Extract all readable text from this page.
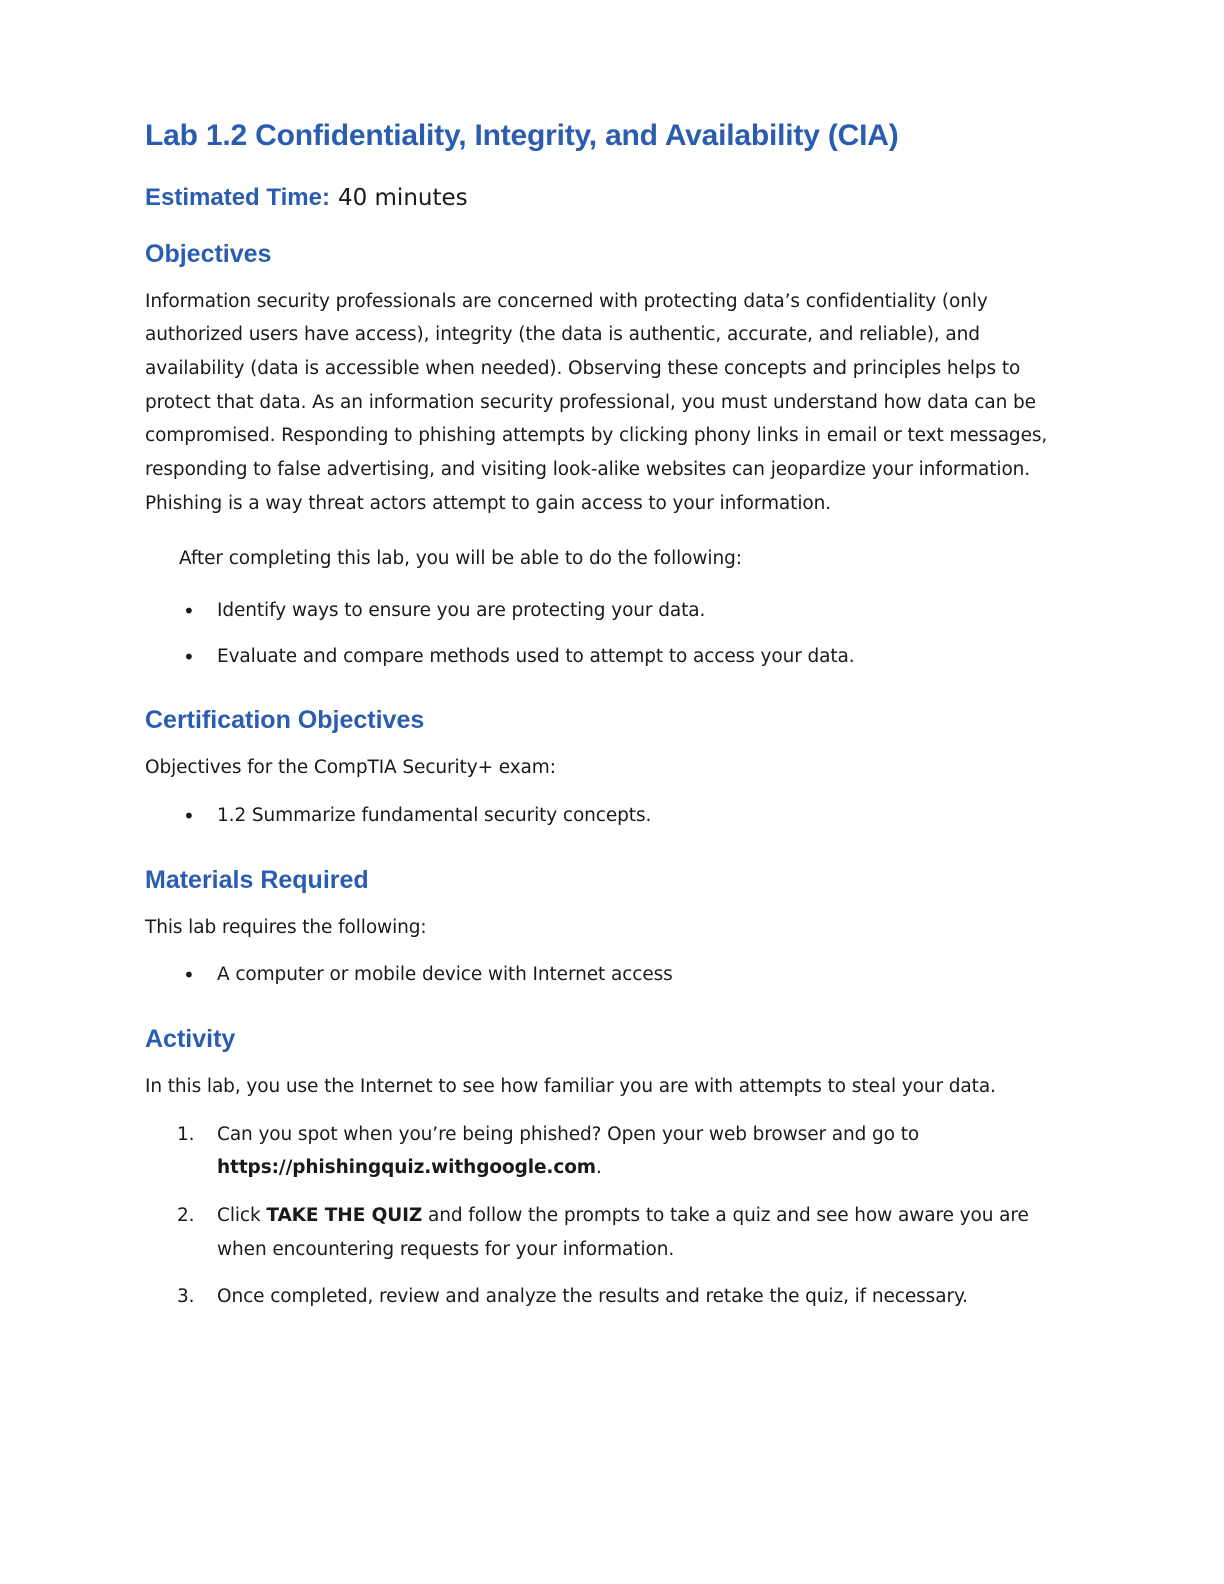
Lab 1.2 Confidentiality, Integrity, and Availability (CIA)
Estimated Time: 40 minutes
Objectives

Information security professionals are concerned with protecting data’s confidentiality (only authorized users have access), integrity (the data is authentic, accurate, and reliable), and availability (data is accessible when needed). Observing these concepts and principles helps to protect that data. As an information security professional, you must understand how data can be compromised. Responding to phishing attempts by clicking phony links in email or text messages, responding to false advertising, and visiting look-alike websites can jeopardize your information. Phishing is a way threat actors attempt to gain access to your information.

After completing this lab, you will be able to do the following:

• Identify ways to ensure you are protecting your data.
• Evaluate and compare methods used to attempt to access your data.
Certification Objectives

Objectives for the CompTIA Security+ exam:

• 1.2 Summarize fundamental security concepts.
Materials Required

This lab requires the following:

• A computer or mobile device with Internet access
Activity

In this lab, you use the Internet to see how familiar you are with attempts to steal your data.

Can you spot when you’re being phished? Open your web browser and go to https://phishingquiz.withgoogle.com.
Click TAKE THE QUIZ and follow the prompts to take a quiz and see how aware you are when encountering requests for your information.
Once completed, review and analyze the results and retake the quiz, if necessary.
